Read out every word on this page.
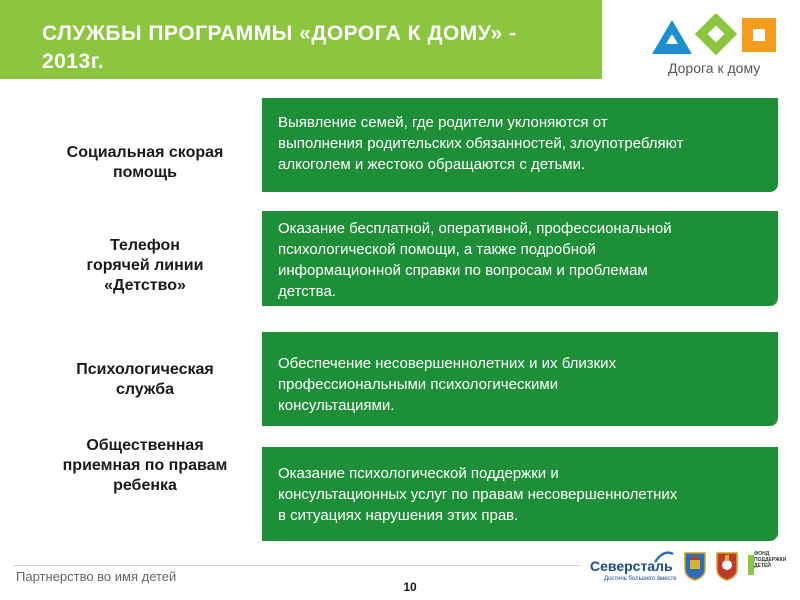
СЛУЖБЫ ПРОГРАММЫ «ДОРОГА К ДОМУ» -
2013г.	Дорога к дому
Социальная скорая
помощь
Выявление семей, где родители уклоняются от
выполнения родительских обязанностей, злоупотребляют
алкоголем и жестоко обращаются с детьми.
Телефон
горячей линии
«Детство»
Оказание бесплатной, оперативной, профессиональной
психологической помощи, а также подробной
информационной справки по вопросам и проблемам
детства.
Психологическая
служба
Обеспечение несовершеннолетних и их близких
профессиональными психологическими
консультациями.
Общественная
приемная по правам
ребенка
Оказание психологической поддержки и
консультационных услуг по правам несовершеннолетних
в ситуациях нарушения этих прав.
Партнерство во имя детей
10
Северсталь
Достичь большего вместе
ФОНД ПОДДЕРЖКИ ДЕТЕЙ
